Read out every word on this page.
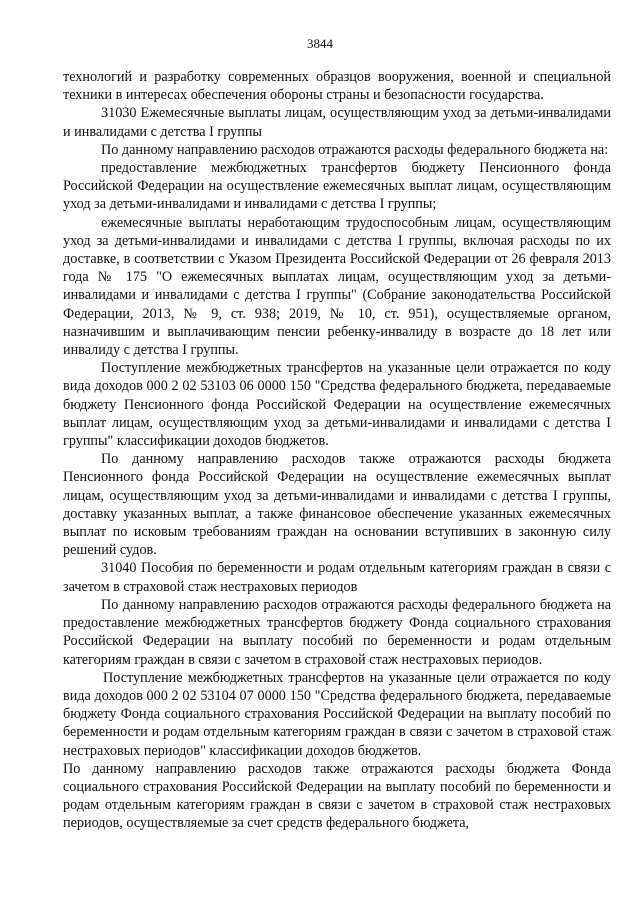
3844

технологий и разработку современных образцов вооружения, военной и специальной техники в интересах обеспечения обороны страны и безопасности государства.

31030 Ежемесячные выплаты лицам, осуществляющим уход за детьми-инвалидами и инвалидами с детства I группы

По данному направлению расходов отражаются расходы федерального бюджета на:

предоставление межбюджетных трансфертов бюджету Пенсионного фонда Российской Федерации на осуществление ежемесячных выплат лицам, осуществляющим уход за детьми-инвалидами и инвалидами с детства I группы;

ежемесячные выплаты неработающим трудоспособным лицам, осуществляющим уход за детьми-инвалидами и инвалидами с детства I группы, включая расходы по их доставке, в соответствии с Указом Президента Российской Федерации от 26 февраля 2013 года № 175 "О ежемесячных выплатах лицам, осуществляющим уход за детьми-инвалидами и инвалидами с детства I группы" (Собрание законодательства Российской Федерации, 2013, № 9, ст. 938; 2019, № 10, ст. 951), осуществляемые органом, назначившим и выплачивающим пенсии ребенку-инвалиду в возрасте до 18 лет или инвалиду с детства I группы.

Поступление межбюджетных трансфертов на указанные цели отражается по коду вида доходов 000 2 02 53103 06 0000 150 "Средства федерального бюджета, передаваемые бюджету Пенсионного фонда Российской Федерации на осуществление ежемесячных выплат лицам, осуществляющим уход за детьми-инвалидами и инвалидами с детства I группы" классификации доходов бюджетов.

По данному направлению расходов также отражаются расходы бюджета Пенсионного фонда Российской Федерации на осуществление ежемесячных выплат лицам, осуществляющим уход за детьми-инвалидами и инвалидами с детства I группы, доставку указанных выплат, а также финансовое обеспечение указанных ежемесячных выплат по исковым требованиям граждан на основании вступивших в законную силу решений судов.

31040 Пособия по беременности и родам отдельным категориям граждан в связи с зачетом в страховой стаж нестраховых периодов

По данному направлению расходов отражаются расходы федерального бюджета на предоставление межбюджетных трансфертов бюджету Фонда социального страхования Российской Федерации на выплату пособий по беременности и родам отдельным категориям граждан в связи с зачетом в страховой стаж нестраховых периодов.

Поступление межбюджетных трансфертов на указанные цели отражается по коду вида доходов 000 2 02 53104 07 0000 150 "Средства федерального бюджета, передаваемые бюджету Фонда социального страхования Российской Федерации на выплату пособий по беременности и родам отдельным категориям граждан в связи с зачетом в страховой стаж нестраховых периодов" классификации доходов бюджетов.

По данному направлению расходов также отражаются расходы бюджета Фонда социального страхования Российской Федерации на выплату пособий по беременности и родам отдельным категориям граждан в связи с зачетом в страховой стаж нестраховых периодов, осуществляемые за счет средств федерального бюджета,
